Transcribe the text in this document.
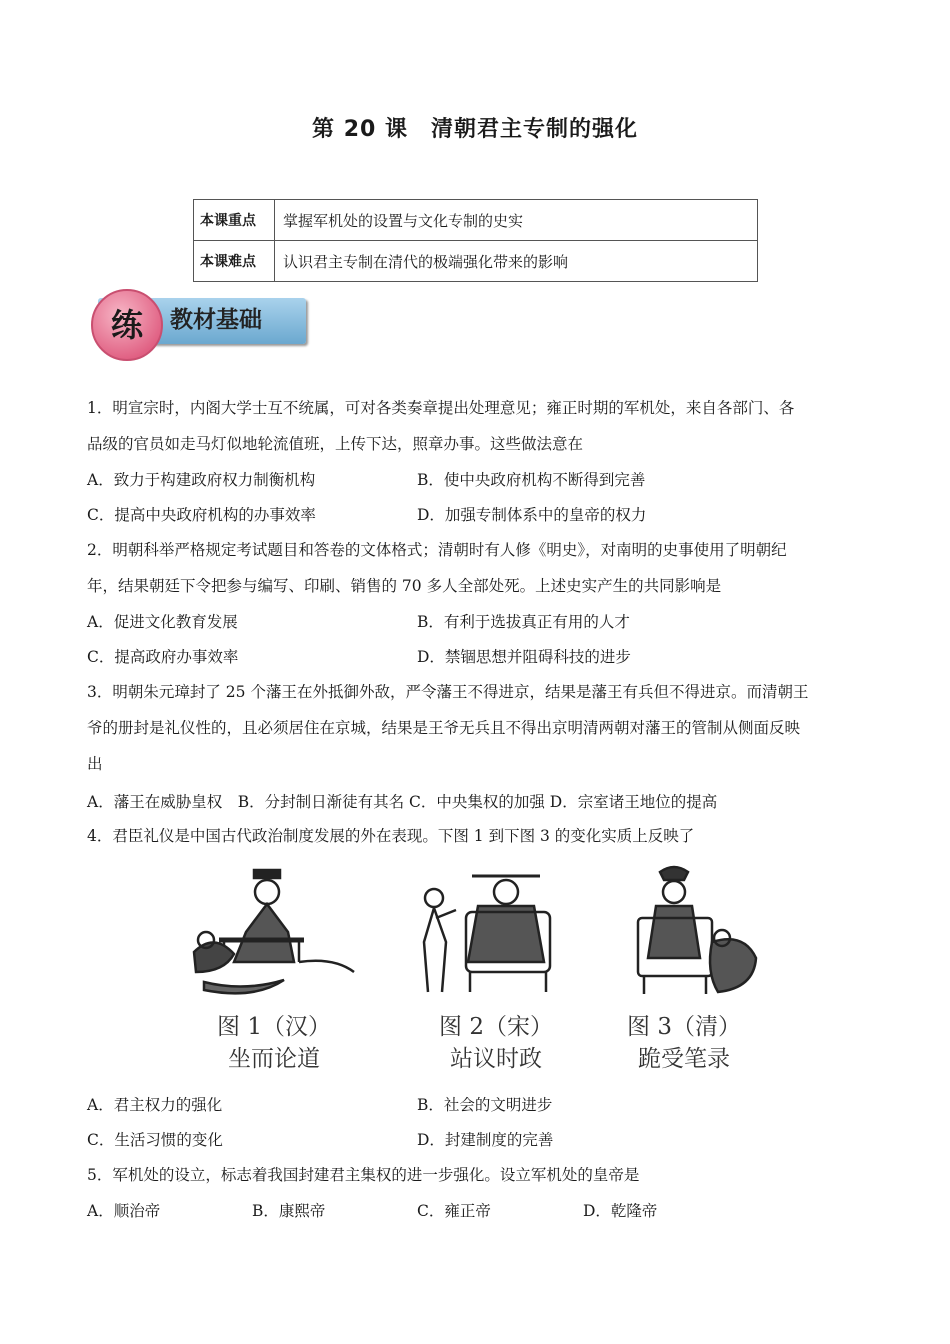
第 20 课　清朝君主专制的强化
本课重点	掌握军机处的设置与文化专制的史实
本课难点	认识君主专制在清代的极端强化带来的影响
教材基础
练
1．明宣宗时，内阁大学士互不统属，可对各类奏章提出处理意见；雍正时期的军机处，来自各部门、各
品级的官员如走马灯似地轮流值班，上传下达，照章办事。这些做法意在
A．致力于构建政府权力制衡机构	B．使中央政府机构不断得到完善
C．提高中央政府机构的办事效率	D．加强专制体系中的皇帝的权力
2．明朝科举严格规定考试题目和答卷的文体格式；清朝时有人修《明史》，对南明的史事使用了明朝纪
年，结果朝廷下令把参与编写、印刷、销售的 70 多人全部处死。上述史实产生的共同影响是
A．促进文化教育发展	B．有利于选拔真正有用的人才
C．提高政府办事效率	D．禁锢思想并阻碍科技的进步
3．明朝朱元璋封了 25 个藩王在外抵御外敌，严令藩王不得进京，结果是藩王有兵但不得进京。而清朝王
爷的册封是礼仪性的，且必须居住在京城，结果是王爷无兵且不得出京明清两朝对藩王的管制从侧面反映
出
A．藩王在威胁皇权　B．分封制日渐徒有其名 C．中央集权的加强 D．宗室诸王地位的提高
4．君臣礼仪是中国古代政治制度发展的外在表现。下图 1 到下图 3 的变化实质上反映了
图 1（汉）
坐而论道
图 2（宋）
站议时政
图 3（清）
跪受笔录
A．君主权力的强化	B．社会的文明进步
C．生活习惯的变化	D．封建制度的完善
5．军机处的设立，标志着我国封建君主集权的进一步强化。设立军机处的皇帝是
A．顺治帝	B．康熙帝	C．雍正帝	D．乾隆帝
